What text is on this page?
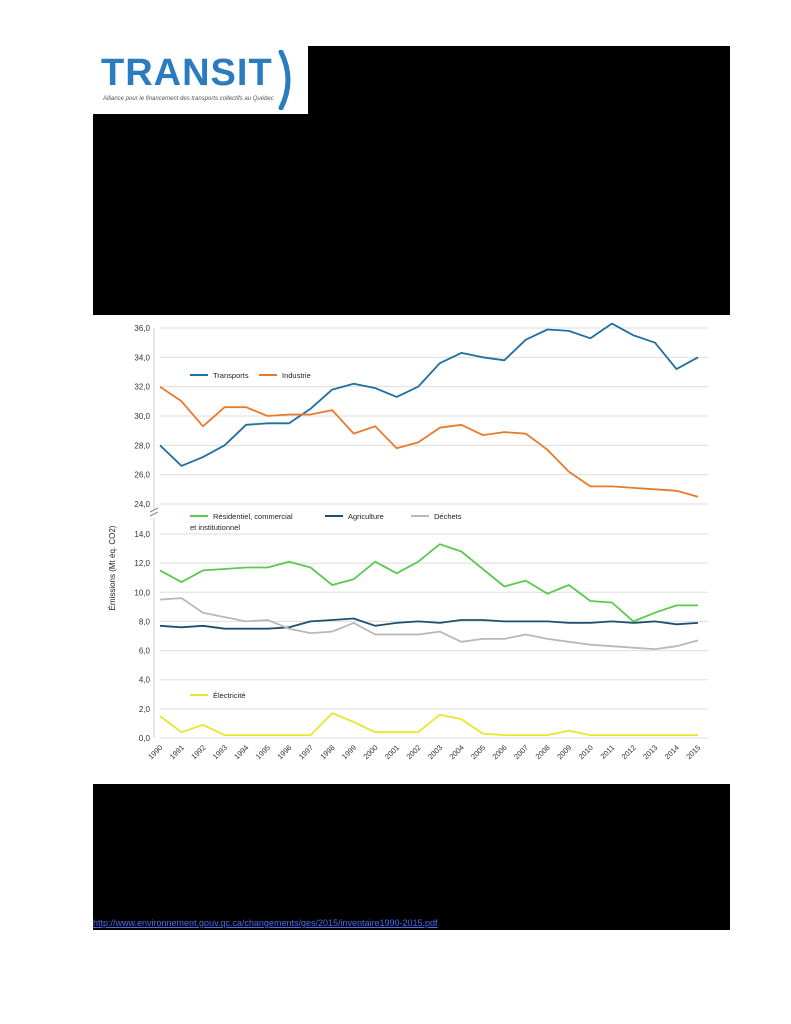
TRANSIT
Alliance pour le financement des transports collectifs au Québec
24,0
26,0
28,0
30,0
32,0
34,0
36,0
0,0
2,0
4,0
6,0
8,0
10,0
12,0
14,0
Émissions (Mt éq. CO2)
1990 1991 1992 1993 1994 1995 1996 1997 1998 1999 2000 2001 2002 2003 2004 2005 2006 2007 2008 2009 2010 2011 2012 2013 2014 2015
Transports	Industrie
Résidentiel, commercial
et institutionnel
Agriculture	Déchets
Électricité
http://www.environnement.gouv.qc.ca/changements/ges/2015/inventaire1990-2015.pdf
